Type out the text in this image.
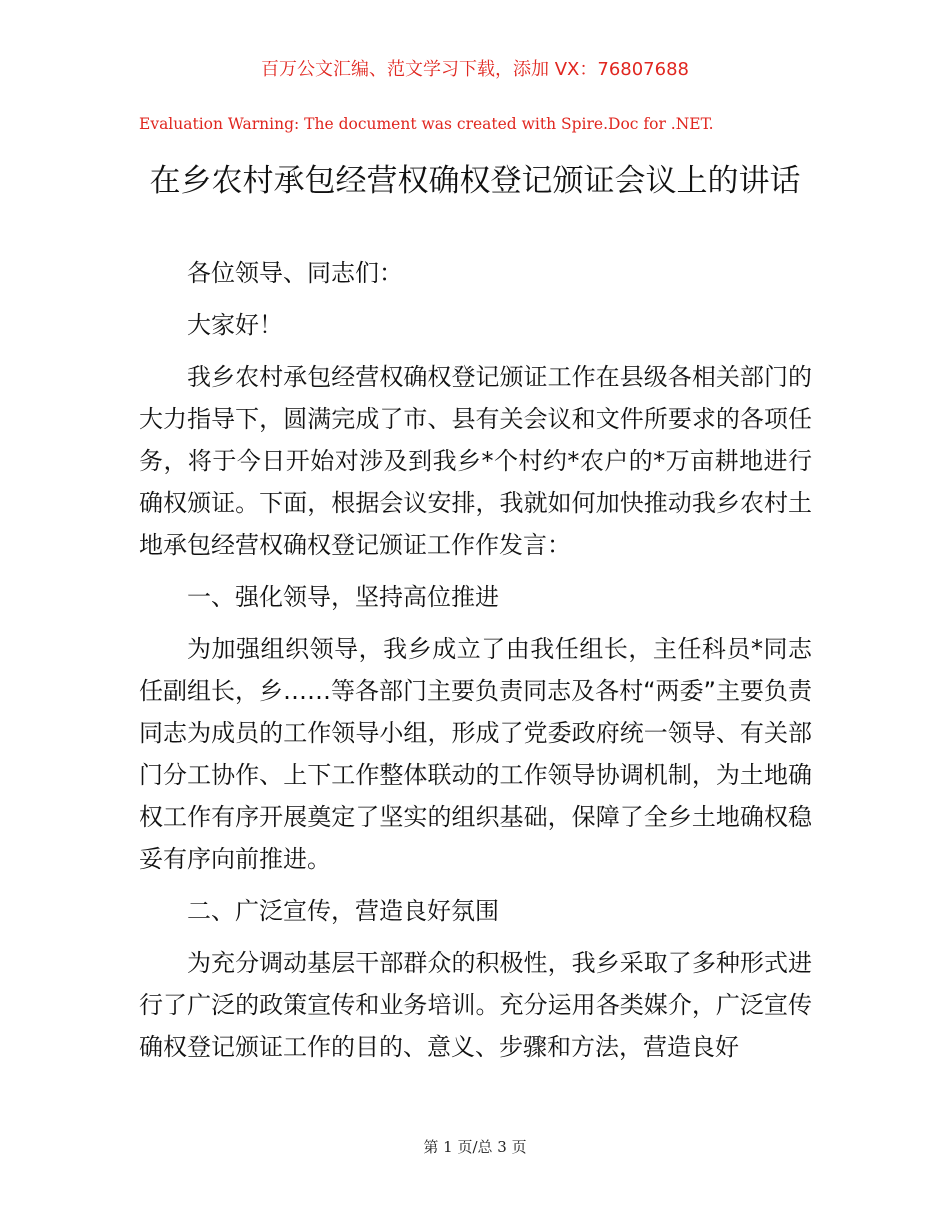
百万公文汇编、范文学习下载，添加 VX：76807688
Evaluation Warning: The document was created with Spire.Doc for .NET.
在乡农村承包经营权确权登记颁证会议上的讲话

各位领导、同志们：

大家好！

我乡农村承包经营权确权登记颁证工作在县级各相关部门的大力指导下，圆满完成了市、县有关会议和文件所要求的各项任务，将于今日开始对涉及到我乡*个村约*农户的*万亩耕地进行确权颁证。下面，根据会议安排，我就如何加快推动我乡农村土地承包经营权确权登记颁证工作作发言：

一、强化领导，坚持高位推进

为加强组织领导，我乡成立了由我任组长，主任科员*同志任副组长，乡……等各部门主要负责同志及各村“两委”主要负责同志为成员的工作领导小组，形成了党委政府统一领导、有关部门分工协作、上下工作整体联动的工作领导协调机制，为土地确权工作有序开展奠定了坚实的组织基础，保障了全乡土地确权稳妥有序向前推进。

二、广泛宣传，营造良好氛围

为充分调动基层干部群众的积极性，我乡采取了多种形式进行了广泛的政策宣传和业务培训。充分运用各类媒介，广泛宣传确权登记颁证工作的目的、意义、步骤和方法，营造良好

第 1 页/总 3 页
